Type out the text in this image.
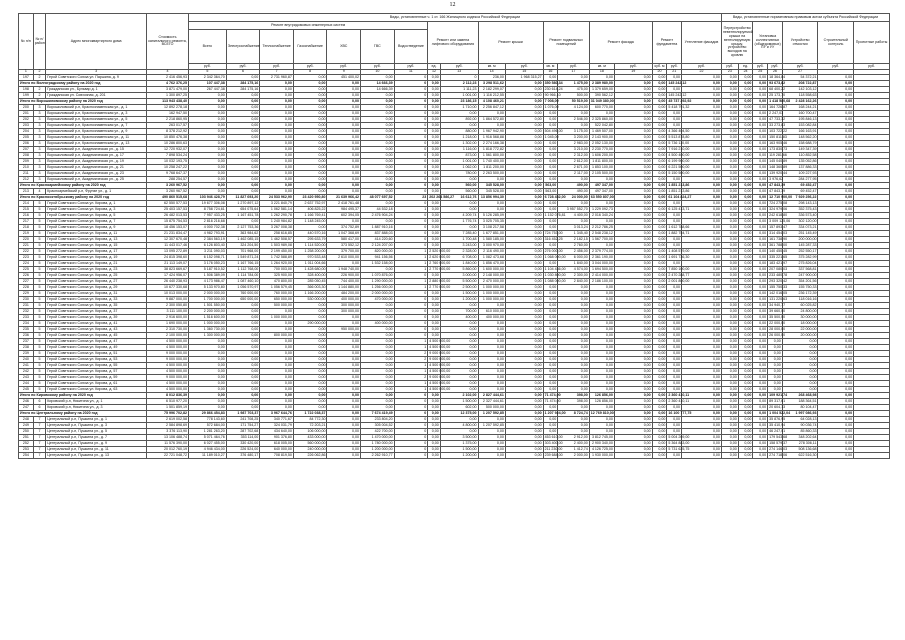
12
№ п/п	№ п/ район	Адрес многоквартирного дома	Стоимость капитального ремонта, ВСЕГО	Виды, установленные ч. 1 ст. 166 Жилищного кодекса Российской Федерации																		Виды, установленные нормативным правовым актом субъекта Российской Федерации						
				Ремонт внутридомовых инженерных систем							Ремонт или замена лифтового оборудования		Ремонт крыши		Ремонт подвальных помещений		Ремонт фасада		Ремонт фундамента		Утепление фасадов	Переустройство невентилируемой крыши на вентилируемую крышу, устройство выходов на кровлю		Установка коллективных (общедомовых) ПУ и УУ		Устройство отмостки	Строительный контроль	Проектные работы
				Всего	Электроснабжение	Теплоснабжение	Газоснабжение	ХВС	ГВС	Водоотведение																		
				руб.	руб.	руб.	руб.	руб.	руб.	руб.	ед.	руб.	кв. м	руб.	кв. м	руб.	кв. м	руб.	куб. м	руб.	руб.	руб.	ед.	руб.	руб.	руб.	руб.	руб.
1	2	3	4	5	6	7	8	9	10	11	12	13	14	15	16	17	18	19	20	21	22	23	24	25	26	27		
197	2	Герой Советского Союза ул. Паршина, д. 9	2 416 456,93	2 342 364,70	0,00	2 731 960,87	0,00	451 400,02	0,00	0	0,00	0	236,00	1 968 315,27	0,00	0,00	0,00	0,00	0,00	0,00	0,00	0,00	0,00	0,00	18 364,84	54 372,21	0,00	
Итого по Волгоградскому району на 2020 год			4 762 376,25	107 447,38	284 175,16	0,00	0,00	0,00	14 666,39	0	0,00	2 112,23	3 298 511,62	0,00	350 580,34	1 475,00	2 389 980,00	0,00	0,00	145 242,12	0,00	0,00	0,00	0,00	93 673,82	208 722,87	0,00	
198	2	Гражданская ул., Бульвар д. 1	3 871 479,00	267 447,38	284 175,16	0,00	0,00	0,00	14 666,39	0	0,00	1 111,23	2 182 299,07	0,00	230 614,24	475,00	1 379 659,00	0,00	0,00	0,00	0,00	0,00	0,00	0,00	68 400,22	142 103,12	0,00	
199	2	Гражданская ул. Совхозная, д. 201	1 300 897,25	0,00	0,00	0,00	0,00	0,00	0,00	0	0,00	1 001,00	1 116 212,55	0,00	90 966,10	500,00	390 562,12	0,00	0,00	145 242,12	0,00	0,00	0,00	0,00	25 173,70	118 558,63	0,00	
Итого по Ворошиловскому району на 2020 год			113 943 438,40	0,00	0,00	0,00	0,00	0,00	0,00	0	0,00	23 186,15	4 108 460,21	0,00	7 008,00	50 519,00	31 049 380,00	0,00	0,00	45 737 292,92	0,00	0,00	0,00	0,00	1 418 580,68	2 428 162,26	0,00	
200	3	Ворошиловский р-н, Краснознаменская ул., д. 1	12 892 278,18	0,00	0,00	0,00	0,00	0,00	0,00	0	0,00	1 710,00	2 256 847,12	0,00	1 076,00	4 124,00	600 770,00	0,00	0,00	5 418 791,32	0,00	0,00	0,00	0,00	164 726,87	168 244,21	0,00	
201	3	Ворошиловский р-н, Краснознаменская ул., д. 3	162 947,50	0,00	0,00	0,00	0,00	0,00	0,00	0	0,00	0,00	0,00	0,00	0,00	0,00	0,00	0,00	0,00	0,00	0,00	0,00	0,00	0,00	2 247,03	160 700,47	0,00	
202	3	Ворошиловский р-н, Краснознаменская ул., д. 5	2 218 860,95	0,00	0,00	0,00	0,00	0,00	0,00	0	0,00	892,00	1 864 572,80	0,00	0,00	2 546,00	2 325 860,00	0,00	0,00	0,00	0,00	0,00	0,00	0,00	47 733,32	195 846,13	0,00	
203	3	Ворошиловский р-н, Краснознаменская ул., д. 7	263 017,57	0,00	0,00	0,00	0,00	0,00	0,00	0	0,00	0,00	0,00	0,00	0,00	0,00	522 042,80	0,00	0,00	0,00	0,00	0,00	0,00	0,00	33 273,83	153 082,84	0,00	
204	3	Ворошиловский р-н, Краснознаменская ул., д. 9	8 378 212,92	0,00	0,00	0,00	0,00	0,00	0,00	0	0,00	880,00	1 967 942,90	0,00	504 496,00	3 175,00	1 469 507,00	0,00	0,00	4 366 404,50	0,00	0,00	0,00	0,00	103 722,22	166 163,91	0,00	
205	3	Ворошиловский р-н, Краснознаменская ул., д. 11	10 850 476,38	0,00	0,00	0,00	0,00	0,00	0,00	0	0,00	1 218,00	1 916 568,88	0,00	1 045,00	3 200,00	2 143 900,00	0,00	0,00	5 513 878,80	0,00	0,00	0,00	0,00	150 811,83	148 562,20	0,00	
206	3	Ворошиловский р-н, Краснознаменская ул., д. 13	10 286 800,63	0,00	0,00	0,00	0,00	0,00	0,00	0	0,00	1 302,00	2 274 166,38	0,00	0,00	2 983,00	2 052 130,00	0,00	0,00	5 736 110,00	0,00	0,00	0,00	0,00	163 905,46	158 688,79	0,00	
207	3	Ворошиловский р-н, Академическая ул., д. 15	12 720 932,07	0,00	0,00	0,00	0,00	0,00	0,00	0	0,00	1 116,00	1 818 772,82	0,00	0,00	3 210,00	2 230 770,00	0,00	0,00	7 916 210,00	0,00	0,00	0,00	0,00	173 830,73	149 347,39	0,00	
208	3	Ворошиловский р-н, Академическая ул., д. 17	7 898 534,24	0,00	0,00	0,00	0,00	0,00	0,00	0	0,00	873,00	1 561 800,00	0,00	0,00	2 312,00	1 606 200,00	0,00	0,00	4 500 400,00	0,00	0,00	0,00	0,00	119 281,66	110 852,58	0,00	
209	3	Ворошиловский р-н, Академическая ул., д. 19	10 032 193,75	0,00	0,00	0,00	0,00	0,00	0,00	0	0,00	1 001,00	1 740 400,00	0,00	0,00	2 612,00	1 811 800,00	0,00	0,00	6 199 900,00	0,00	0,00	0,00	0,00	145 040,89	135 052,86	0,00	
210	3	Ворошиловский р-н, Академическая ул., д. 21	10 258 247,22	0,00	0,00	0,00	0,00	0,00	0,00	0	0,00	1 062,00	1 811 200,00	0,00	0,00	2 671,00	1 853 100,00	0,00	0,00	6 221 500,00	0,00	0,00	0,00	0,00	148 360,89	137 886,33	0,00	
211	3	Ворошиловский р-н, Академическая ул., д. 23	9 768 647,37	0,00	0,00	0,00	0,00	0,00	0,00	0	0,00	780,00	2 263 500,00	0,00	0,00	2 117,00	2 105 500,00	0,00	0,00	5 150 500,00	0,00	0,00	0,00	0,00	139 920,44	109 227,93	0,00	
212	3	Ворошиловский р-н, Академическая ул., д. 25	288 254,57	0,00	0,00	0,00	0,00	0,00	0,00	0	0,00	0,00	0,00	0,00	0,00	0,00	0,00	0,00	0,00	0,00	0,00	0,00	0,00	0,00	3 976,62	284 277,95	0,00	
Итого по Красноармейскому району на 2020 год			3 260 967,52	0,00	0,00	0,00	0,00	0,00	0,00	0	0,00	560,00	345 528,00	0,00	563,00	490,00	497 347,00	0,00	0,00	1 851 213,86	0,00	0,00	0,00	0,00	47 843,39	69 452,47	0,00	
213	4	Красноармейский р-н, Фрунзе ул., д. 1	3 260 967,52	0,00	0,00	0,00	0,00	0,00	0,00	0	0,00	560,00	345 528,00	0,00	563,00	490,00	497 347,00	0,00	0,00	1 851 213,86	0,00	0,00	0,00	0,00	47 843,39	69 452,47	0,00	
Итого по Краснооктябрьскому району на 2020 год			490 860 515,68	103 946 428,79	11 827 693,20	24 533 962,90	23 420 950,80	21 639 966,42	48 077 697,52	23	202 264 586,27	16 612,76	13 856 994,30	0,00	6 728 452,00	24 000,00	63 550 807,00	0,00	0,00	61 104 824,27	0,00	0,00	0,00	0,00	12 710 900,00	7 929 256,22	0,00	
214	5	Герой Советского Союза ул. Кирова, д. 1	62 550 577,53	19 677 306,08	1 270 897,12	3 221 840,79	2 637 752,97	2 418 761,48	0,00	0	0,00	0,00	0,00	0,00	0,00	0,00	0,00	0,00	0,00	0,00	0,00	0,00	0,00	0,00	724 275,08	298 143,13	0,00	
215	5	Герой Советского Союза ул. Кирова, д. 3	25 403 157,53	8 758 724,61	654 075,64	1 062 581,14	406 825,22	984 495,37	44 532,18	1	0,00	0,00	0,00	0,00	0,00	3 957 552,70	1 229 092,73	0,00	0,00	6 125 413,71	0,00	0,00	0,00	0,00	324 979,06	352 375,43	0,00	
216	5	Герой Советского Союза ул. Кирова, д. 5	26 482 013,53	7 957 433,25	1 167 451,78	1 262 290,78	1 166 769,41	602 394,05	2 476 904,24	0	0,00	4 209,74	5 126 285,09	0,00	1 152 076,81	4 400,00	2 016 340,24	0,00	0,00	0,00	0,00	0,00	0,00	0,00	242 618,80	336 573,40	0,00	
217	5	Герой Советского Союза ул. Кирова, д. 7	15 875 754,53	2 816 216,68	0,00	1 240 984,82	1 148 245,00	0,00	0,00	0	0,00	1 776,74	3 025 705,35	0,00	0,00	0,00	0,00	0,00	0,00	0,00	0,00	0,00	0,00	0,00	3 009 125,06	302 120,00	0,00	
218	5	Герой Советского Союза ул. Кирова, д. 9	18 456 153,07	4 000 702,38	2 127 753,36	3 267 008,38	0,00	374 752,89	1 887 910,16	0	0,00	0,00	3 108 217,58	0,00	0,00	3 013,24	2 212 786,25	0,00	0,00	1 612 788,66	0,00	0,00	0,00	0,00	157 893,47	334 073,21	0,00	
219	5	Герой Советского Союза ул. Кирова, д. 11	21 231 834,47	4 982 793,91	363 984,62	258 616,85	440 570,16	1 047 368,69	837 888,03	0	0,00	7 285,40	1 677 851,00	0,00	724 753,00	1 345,40	2 548 238,12	0,00	0,00	1 882 754,71	0,00	0,00	0,00	0,00	314 454,03	251 145,49	0,00	
220	5	Герой Советского Союза ул. Кирова, д. 13	12 307 670,48	2 384 563,19	1 462 085,15	1 462 508,57	295 633,79	580 417,00	414 220,60	0	0,00	1 700,48	1 580 185,00	0,00	316 452,25	2 182,15	1 567 700,00	0,00	0,00	0,00	0,00	0,00	0,00	0,00	161 738,90	200 000,00	0,00	
221	5	Герой Советского Союза ул. Кирова, д. 15	11 443 017,46	6 126 803,40	324 204,50	1 503 989,08	1 114 520,00	373 552,12	2 124 207,00	0	0,00	3 243,00	3 000 970,00	0,00	0,00	2 760,00	0,00	0,00	0,00	0,00	0,00	0,00	0,00	0,00	361 788,00	145 287,33	0,00	
222	5	Герой Советского Союза ул. Кирова, д. 17	13 095 272,89	3 211 090,03	701 968,00	2 199 450,00	1 258 200,00	379 700,00	820 000,00	1	2 520 000,00	2 328,00	2 116 490,00	0,00	276 000,00	2 456,00	2 379 774,00	0,00	0,00	1 408 579,00	0,00	0,00	0,00	0,00	140 450,45	252 550,17	0,00	
223	5	Герой Советского Союза ул. Кирова, д. 19	24 815 398,60	6 152 098,71	1 549 871,24	1 742 588,89	970 533,48	2 610 000,00	941 156,56	1	2 620 000,00	6 708,00	1 082 473,68	0,00	1 068 000,00	6 000,00	2 361 190,00	0,00	0,00	1 691 736,30	0,00	0,00	0,00	0,00	335 221,65	375 282,99	0,00	
224	5	Герой Советского Союза ул. Кирова, д. 21	21 113 149,07	3 176 050,23	1 167 766,15	1 264 920,00	1 011 004,66	0,00	1 532 158,00	1	2 760 000,00	1 840,00	1 856 470,00	0,00	0,00	1 840,00	3 044 000,00	0,00	0,00	0,00	0,00	0,00	0,00	0,00	183 421,97	275 826,04	0,00	
225	5	Герой Советского Союза ул. Кирова, д. 23	38 823 669,67	5 187 910,52	1 112 768,00	700 003,00	1 428 680,00	1 948 740,00	0,00	1	2 770 000,00	5 860,00	1 600 000,00	0,00	1 104 436,00	4 574,00	1 694 500,00	0,00	0,00	7 850 100,00	0,00	0,00	0,00	0,00	207 080,03	337 568,81	0,00	
226	5	Герой Советского Союза ул. Кирова, д. 25	17 424 956,07	1 506 389,09	1 114 784,00	325 900,00	328 400,00	226 900,00	1 070 876,00	0	0,00	3 000,00	2 148 000,00	0,00	1 030 800,00	2 300,00	2 414 000,00	0,00	0,00	2 470 288,77	0,00	0,00	0,00	0,00	233 480,78	247 900,00	0,00	
227	5	Герой Советского Союза ул. Кирова, д. 27	26 440 238,93	4 173 986,47	1 087 460,10	470 800,00	285 050,45	744 400,00	1 290 000,00	1	2 880 000,00	5 500,00	2 470 000,00	0,00	1 088 000,00	2 840,00	2 186 100,00	0,00	0,00	2 001 800,00	0,00	0,00	0,00	0,00	293 320,42	354 201,56	0,00	
228	5	Герой Советского Союза ул. Кирова, д. 29	10 677 330,68	5 133 970,80	1 056 570,97	1 056 579,45	366 003,30	1 144 880,00	1 256 000,00	1	2 770 000,00	2 500,00	1 000 000,00	0,00	0,00	0,00	0,00	0,00	0,00	0,00	0,00	0,00	0,00	0,00	155 750,33	155 750,33	0,00	
229	5	Герой Советского Союза ул. Кирова, д. 31	10 013 000,00	2 000 000,00	760 000,00	760 000,00	1 166 200,00	484 200,00	2 000 000,00	0	0,00	1 500,00	1 000 000,00	0,00	0,00	0,00	0,00	0,00	0,00	0,00	0,00	0,00	0,00	0,00	142 016,05	236 172,39	0,00	
230	5	Герой Советского Союза ул. Кирова, д. 33	9 887 000,00	1 700 000,00	650 000,00	650 000,00	530 000,00	400 000,00	470 000,00	0	0,00	1 200,00	1 000 000,00	0,00	0,00	0,00	0,00	0,00	0,00	0,00	0,00	0,00	0,00	0,00	131 220,63	118 016,16	0,00	
231	5	Герой Советского Союза ул. Кирова, д. 35	2 300 050,80	1 501 550,00	0,00	500 000,00	0,00	300 000,00	0,00	0	0,00	0,00	0,00	0,00	0,00	0,00	0,00	0,00	0,00	0,00	0,00	0,00	0,00	0,00	34 940,77	60 025,82	0,00	
232	5	Герой Советского Союза ул. Кирова, д. 37	3 111 100,00	2 200 000,00	0,00	0,00	0,00	300 000,00	0,00	0	0,00	700,00	610 000,00	0,00	0,00	0,00	0,00	0,00	0,00	0,00	0,00	0,00	0,00	0,00	39 660,00	24 800,00	0,00	
233	5	Герой Советского Союза ул. Кирова, д. 39	2 916 600,00	1 516 600,00	0,00	1 000 000,00	0,00	0,00	0,00	0	0,00	400,00	400 000,00	0,00	0,00	0,00	0,00	0,00	0,00	0,00	0,00	0,00	0,00	0,00	35 500,00	30 000,00	0,00	
234	5	Герой Советского Союза ул. Кирова, д. 41	1 690 000,00	1 000 000,00	0,00	0,00	290 000,00	0,00	400 000,00	0	0,00	0,00	0,00	0,00	0,00	0,00	0,00	0,00	0,00	0,00	0,00	0,00	0,00	0,00	22 000,00	18 000,00	0,00	
235	5	Герой Советского Союза ул. Кирова, д. 43	2 310 730,00	1 360 730,00	0,00	0,00	0,00	950 000,00	0,00	0	0,00	0,00	0,00	0,00	0,00	0,00	0,00	0,00	0,00	0,00	0,00	0,00	0,00	0,00	28 000,00	22 000,00	0,00	
236	5	Герой Советского Союза ул. Кирова, д. 45	2 100 000,00	1 300 000,00	0,00	800 000,00	0,00	0,00	0,00	0	0,00	0,00	0,00	0,00	0,00	0,00	0,00	0,00	0,00	0,00	0,00	0,00	0,00	0,00	26 000,00	20 000,00	0,00	
237	5	Герой Советского Союза ул. Кирова, д. 47	4 500 000,00	0,00	0,00	0,00	0,00	0,00	0,00	1	4 500 000,00	0,00	0,00	0,00	0,00	0,00	0,00	0,00	0,00	0,00	0,00	0,00	0,00	0,00	0,00	0,00	0,00	
238	5	Герой Советского Союза ул. Кирова, д. 49	4 500 000,00	0,00	0,00	0,00	0,00	0,00	0,00	1	4 500 000,00	0,00	0,00	0,00	0,00	0,00	0,00	0,00	0,00	0,00	0,00	0,00	0,00	0,00	0,00	0,00	0,00	
239	5	Герой Советского Союза ул. Кирова, д. 51	9 000 000,00	0,00	0,00	0,00	0,00	0,00	0,00	2	9 000 000,00	0,00	0,00	0,00	0,00	0,00	0,00	0,00	0,00	0,00	0,00	0,00	0,00	0,00	0,00	0,00	0,00	
240	5	Герой Советского Союза ул. Кирова, д. 53	9 000 000,00	0,00	0,00	0,00	0,00	0,00	0,00	2	9 000 000,00	0,00	0,00	0,00	0,00	0,00	0,00	0,00	0,00	0,00	0,00	0,00	0,00	0,00	0,00	0,00	0,00	
241	5	Герой Советского Союза ул. Кирова, д. 55	4 500 000,00	0,00	0,00	0,00	0,00	0,00	0,00	1	4 500 000,00	0,00	0,00	0,00	0,00	0,00	0,00	0,00	0,00	0,00	0,00	0,00	0,00	0,00	0,00	0,00	0,00	
242	5	Герой Советского Союза ул. Кирова, д. 57	4 500 000,00	0,00	0,00	0,00	0,00	0,00	0,00	1	4 500 000,00	0,00	0,00	0,00	0,00	0,00	0,00	0,00	0,00	0,00	0,00	0,00	0,00	0,00	0,00	0,00	0,00	
243	5	Герой Советского Союза ул. Кирова, д. 59	9 000 000,00	0,00	0,00	0,00	0,00	0,00	0,00	2	9 000 000,00	0,00	0,00	0,00	0,00	0,00	0,00	0,00	0,00	0,00	0,00	0,00	0,00	0,00	0,00	0,00	0,00	
244	5	Герой Советского Союза ул. Кирова, д. 61	4 500 000,00	0,00	0,00	0,00	0,00	0,00	0,00	1	4 500 000,00	0,00	0,00	0,00	0,00	0,00	0,00	0,00	0,00	0,00	0,00	0,00	0,00	0,00	0,00	0,00	0,00	
245	5	Герой Советского Союза ул. Кирова, д. 63	4 500 000,00	0,00	0,00	0,00	0,00	0,00	0,00	1	4 500 000,00	0,00	0,00	0,00	0,00	0,00	0,00	0,00	0,00	0,00	0,00	0,00	0,00	0,00	0,00	0,00	0,00	
Итого по Кировскому району на 2020 год			8 012 836,39	0,00	0,00	0,00	0,00	0,00	0,00	0	0,00	2 102,00	2 827 444,61	0,00	71 474,00	398,00	126 856,00	0,00	0,00	2 360 410,11	0,00	0,00	0,00	0,00	109 921,74	268 468,98	0,00	
246	6	Кировский р-н, Никитина ул., д. 1	6 510 977,20	0,00	0,00	0,00	0,00	0,00	0,00	0	0,00	1 500,00	2 327 444,61	0,00	71 474,00	398,00	126 856,00	0,00	0,00	2 360 410,11	0,00	0,00	0,00	0,00	89 317,61	188 364,51	0,00	
247	6	Кировский р-н, Никитина ул., д. 3	1 501 859,19	0,00	0,00	0,00	0,00	0,00	0,00	0	0,00	602,00	500 000,00	0,00	0,00	0,00	0,00	0,00	0,00	0,00	0,00	0,00	0,00	0,00	20 604,13	80 104,47	0,00	
Итого по Центральному району на 2020 год			75 996 702,82	29 866 454,83	1 987 703,37	3 967 644,76	1 722 038,37	0,00	7 674 419,49	0	0,00	12 375,00	1 207 592,85	0,00	1 207 924,00	8 724,74	12 769 810,00	0,00	0,00	16 100 777,75	0,00	0,00	0,00	0,00	1 004 522,04	1 997 086,93	0,00	
248	7	Центральный р-н, Пушкина ул., д. 1	2 619 002,58	778 143,60	241 708,25	340 771,67	84 772,30	0,00	233 804,20	0	0,00	0,00	0,00	0,00	0,00	0,00	0,00	0,00	0,00	0,00	0,00	0,00	0,00	0,00	35 876,95	64 028,13	0,00	
249	7	Центральный р-н, Пушкина ул., д. 3	2 584 898,69	572 684,00	171 754,27	324 031,79	72 203,21	0,00	305 004,52	0	0,00	4 800,00	1 207 592,85	0,00	0,00	0,00	0,00	0,00	0,00	0,00	0,00	0,00	0,00	0,00	35 410,94	90 036,74	0,00	
250	7	Центральный р-н, Пушкина ул., д. 5	3 376 113,90	1 281 263,20	287 702,68	434 640,00	106 000,00	0,00	422 700,00	0	0,00	0,00	0,00	0,00	0,00	0,00	0,00	0,00	0,00	0,00	0,00	0,00	0,00	0,00	46 247,01	85 860,33	0,00	
251	7	Центральный р-н, Пушкина ул., д. 7	13 106 488,74	5 071 464,76	353 114,00	901 376,80	433 000,00	0,00	1 470 000,00	0	0,00	3 500,00	0,00	0,00	453 610,00	2 912,00	3 812 745,00	0,00	0,00	5 004 269,00	0,00	0,00	0,00	0,00	179 543,68	348 202,64	0,00	
252	7	Центральный р-н, Пушкина ул., д. 9	11 576 390,00	6 027 455,00	330 420,00	618 005,00	560 000,00	0,00	1 780 000,00	0	0,00	1 375,00	0,00	0,00	303 400,00	2 400,00	2 900 340,00	0,00	0,00	5 364 883,00	0,00	0,00	0,00	0,00	158 579,37	278 306,11	0,00	
253	7	Центральный р-н, Пушкина ул., д. 11	20 012 760,19	4 946 434,00	226 524,00	640 000,00	240 000,00	0,00	1 200 000,00	0	0,00	1 500,00	0,00	0,00	211 230,00	1 412,74	4 126 725,00	0,00	0,00	5 731 625,75	0,00	0,00	0,00	0,00	274 146,03	508 136,68	0,00	
254	7	Центральный р-н, Пушкина ул., д. 13	22 721 048,72	11 189 010,27	376 480,17	708 819,50	226 062,86	0,00	2 262 910,77	0	0,00	1 200,00	0,00	0,00	239 684,00	2 000,00	1 930 000,00	0,00	0,00	0,00	0,00	0,00	0,00	0,00	274 718,06	622 516,30	0,00	
